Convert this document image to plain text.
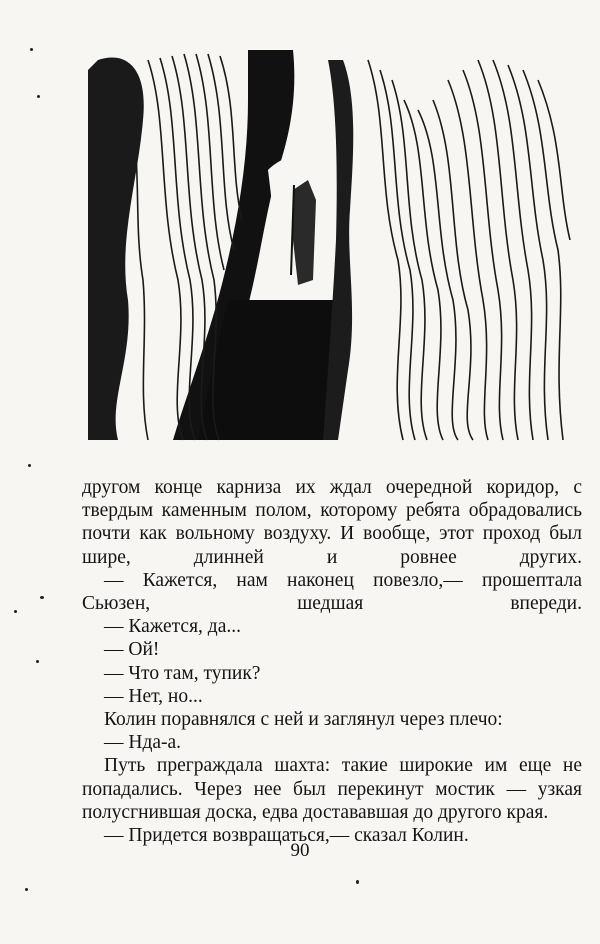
другом конце карниза их ждал очередной коридор, с твердым каменным полом, которому ребята обрадовались почти как вольному воздуху. И вообще, этот проход был шире, длинней и ровнее других.

— Кажется, нам наконец повезло,— прошептала Сьюзен, шедшая впереди.

— Кажется, да...

— Ой!

— Что там, тупик?

— Нет, но...

Колин поравнялся с ней и заглянул через плечо:

— Нда-а.

Путь преграждала шахта: такие широкие им еще не попадались. Через нее был перекинут мостик — узкая полусгнившая доска, едва достававшая до другого края.

— Придется возвращаться,— сказал Колин.

90
